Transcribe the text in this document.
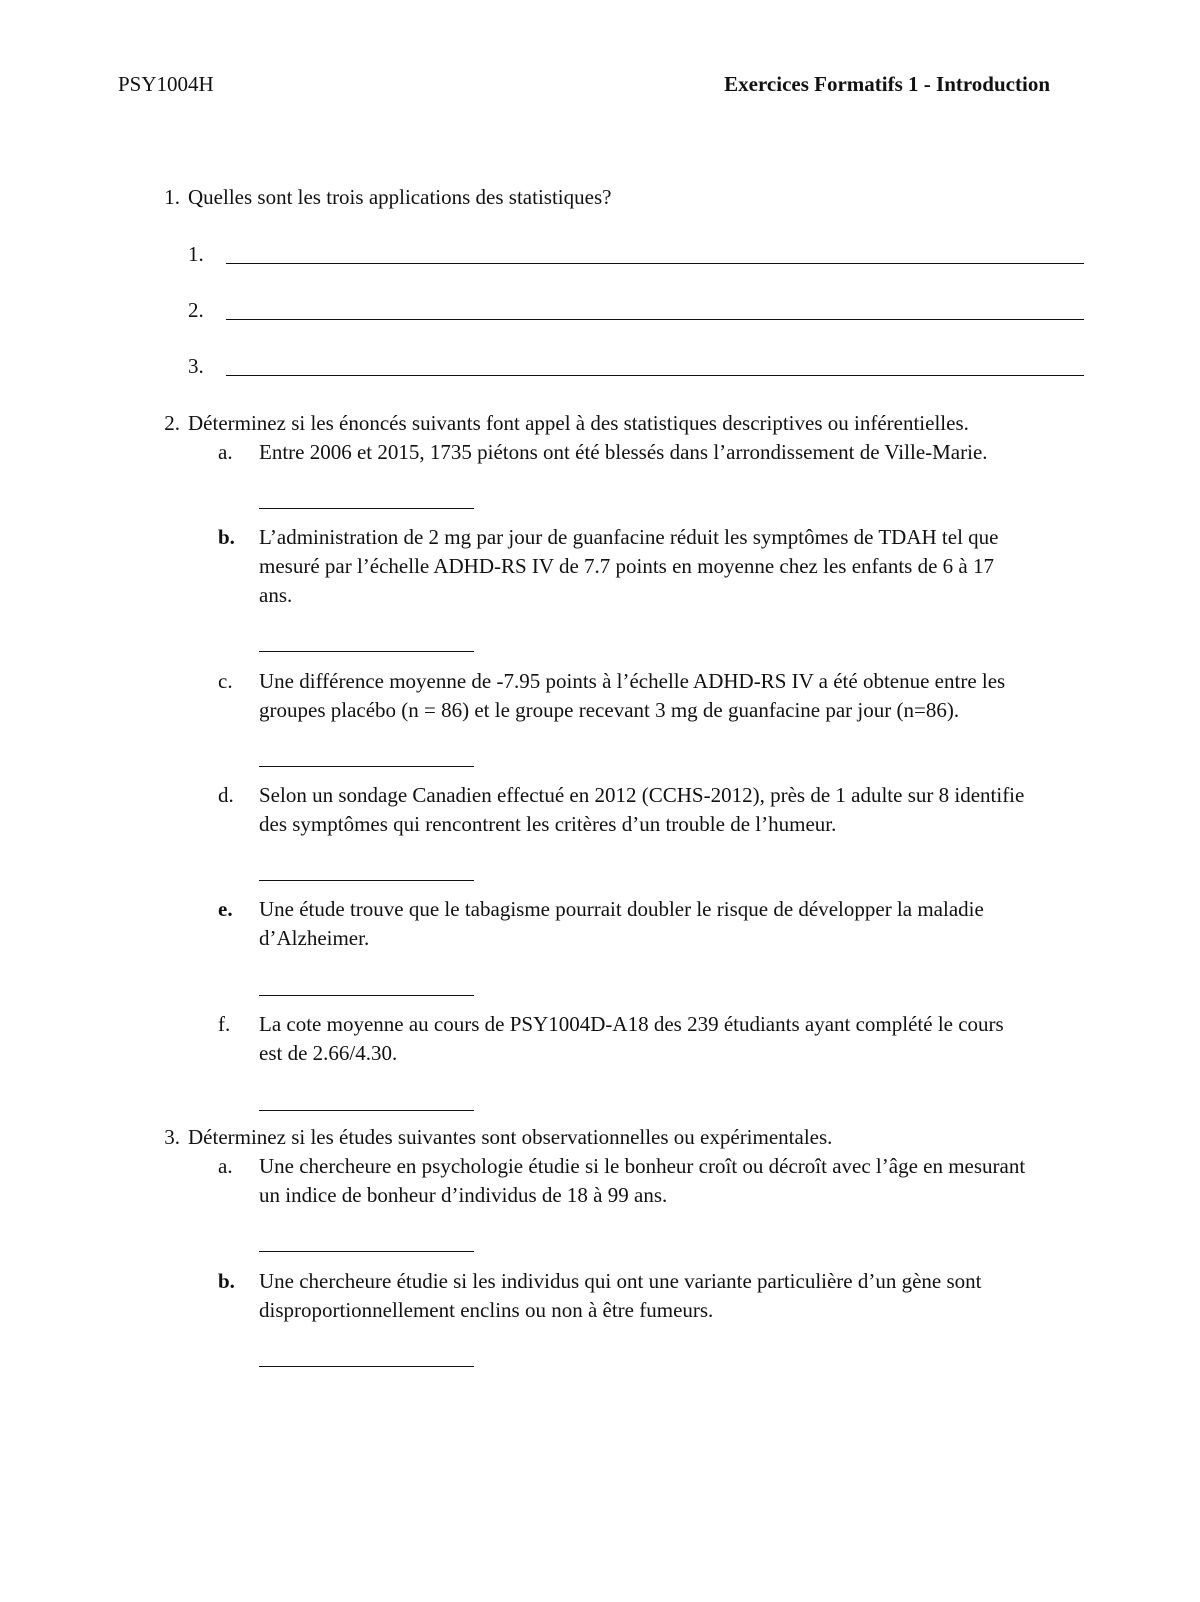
PSY1004H	Exercices Formatifs 1 - Introduction
1. Quelles sont les trois applications des statistiques?
1.
2.
3.
2. Déterminez si les énoncés suivants font appel à des statistiques descriptives ou inférentielles.
a.	Entre 2006 et 2015, 1735 piétons ont été blessés dans l’arrondissement de Ville-Marie.
b.	L’administration de 2 mg par jour de guanfacine réduit les symptômes de TDAH tel que
mesuré par l’échelle ADHD-RS IV de 7.7 points en moyenne chez les enfants de 6 à 17
ans.
c.	Une différence moyenne de -7.95 points à l’échelle ADHD-RS IV a été obtenue entre les
groupes placébo (n = 86) et le groupe recevant 3 mg de guanfacine par jour (n=86).
d.	Selon un sondage Canadien effectué en 2012 (CCHS-2012), près de 1 adulte sur 8 identifie
des symptômes qui rencontrent les critères d’un trouble de l’humeur.
e.	Une étude trouve que le tabagisme pourrait doubler le risque de développer la maladie
d’Alzheimer.
f.	La cote moyenne au cours de PSY1004D-A18 des 239 étudiants ayant complété le cours
est de 2.66/4.30.
3. Déterminez si les études suivantes sont observationnelles ou expérimentales.
a.	Une chercheure en psychologie étudie si le bonheur croît ou décroît avec l’âge en mesurant
un indice de bonheur d’individus de 18 à 99 ans.
b.	Une chercheure étudie si les individus qui ont une variante particulière d’un gène sont
disproportionnellement enclins ou non à être fumeurs.
